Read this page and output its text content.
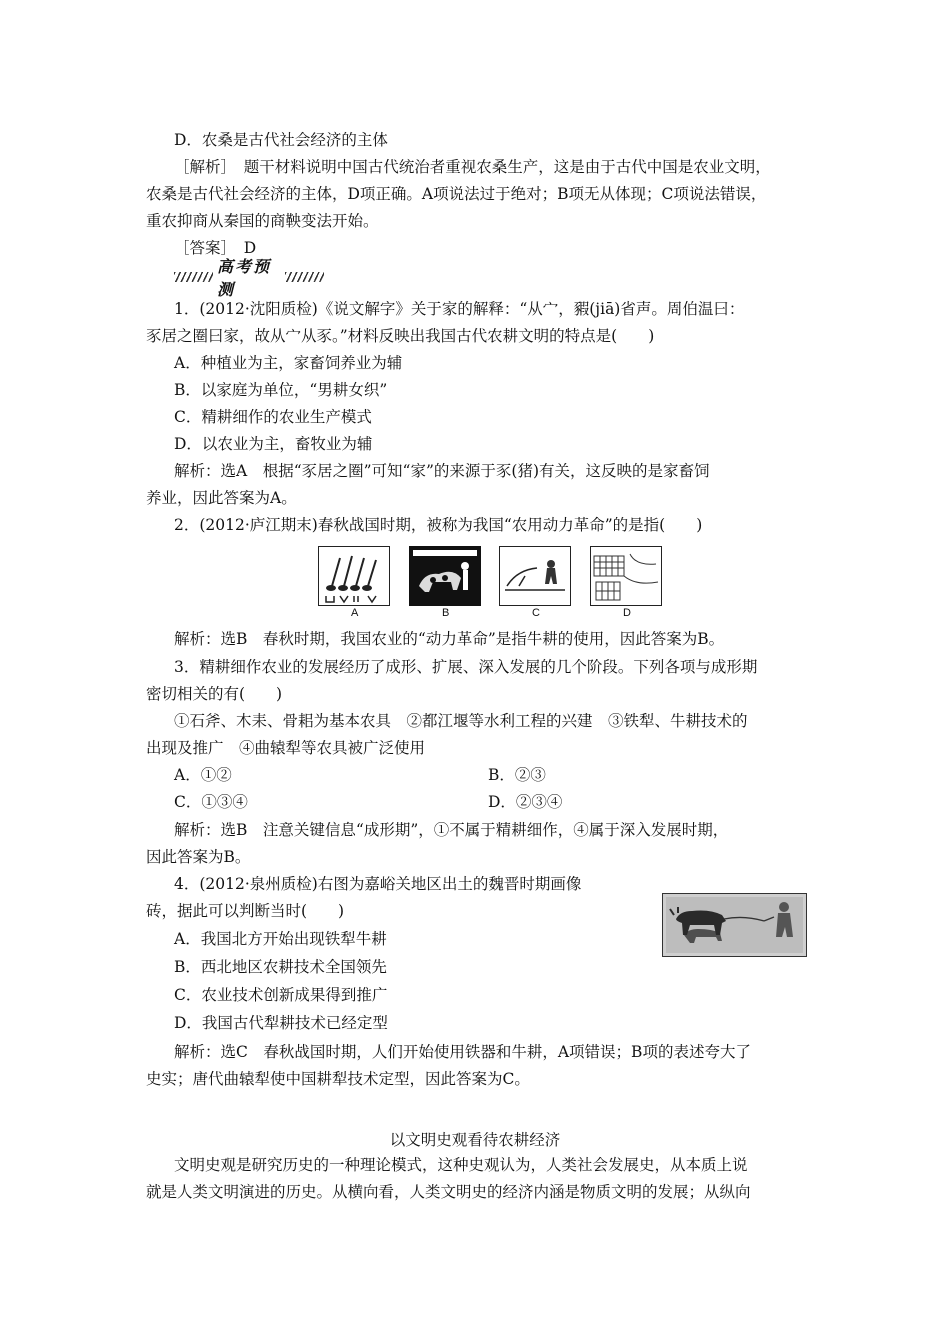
D．农桑是古代社会经济的主体
［解析］　题干材料说明中国古代统治者重视农桑生产，这是由于古代中国是农业文明，
农桑是古代社会经济的主体，D项正确。A项说法过于绝对；B项无从体现；C项说法错误，
重农抑商从秦国的商鞅变法开始。
［答案］　D
高考预测
1．(2012·沈阳质检)《说文解字》关于家的解释：“从宀，豭(jiā)省声。周伯温曰：
豕居之圈曰家，故从宀从豕。”材料反映出我国古代农耕文明的特点是(　　)
A．种植业为主，家畜饲养业为辅
B．以家庭为单位，“男耕女织”
C．精耕细作的农业生产模式
D．以农业为主，畜牧业为辅
解析：选A　根据“豕居之圈”可知“家”的来源于豕(猪)有关，这反映的是家畜饲
养业，因此答案为A。
2．(2012·庐江期末)春秋战国时期，被称为我国“农用动力革命”的是指(　　)
A	B	C	D
解析：选B　春秋时期，我国农业的“动力革命”是指牛耕的使用，因此答案为B。
3．精耕细作农业的发展经历了成形、扩展、深入发展的几个阶段。下列各项与成形期
密切相关的有(　　)
①石斧、木耒、骨耜为基本农具　②都江堰等水利工程的兴建　③铁犁、牛耕技术的
出现及推广　④曲辕犁等农具被广泛使用
A．①②	B．②③
C．①③④	D．②③④
解析：选B　注意关键信息“成形期”，①不属于精耕细作，④属于深入发展时期，
因此答案为B。
4．(2012·泉州质检)右图为嘉峪关地区出土的魏晋时期画像
砖，据此可以判断当时(　　)
A．我国北方开始出现铁犁牛耕
B．西北地区农耕技术全国领先
C．农业技术创新成果得到推广
D．我国古代犁耕技术已经定型
解析：选C　春秋战国时期，人们开始使用铁器和牛耕，A项错误；B项的表述夸大了
史实；唐代曲辕犁使中国耕犁技术定型，因此答案为C。
以文明史观看待农耕经济
文明史观是研究历史的一种理论模式，这种史观认为，人类社会发展史，从本质上说
就是人类文明演进的历史。从横向看，人类文明史的经济内涵是物质文明的发展；从纵向
